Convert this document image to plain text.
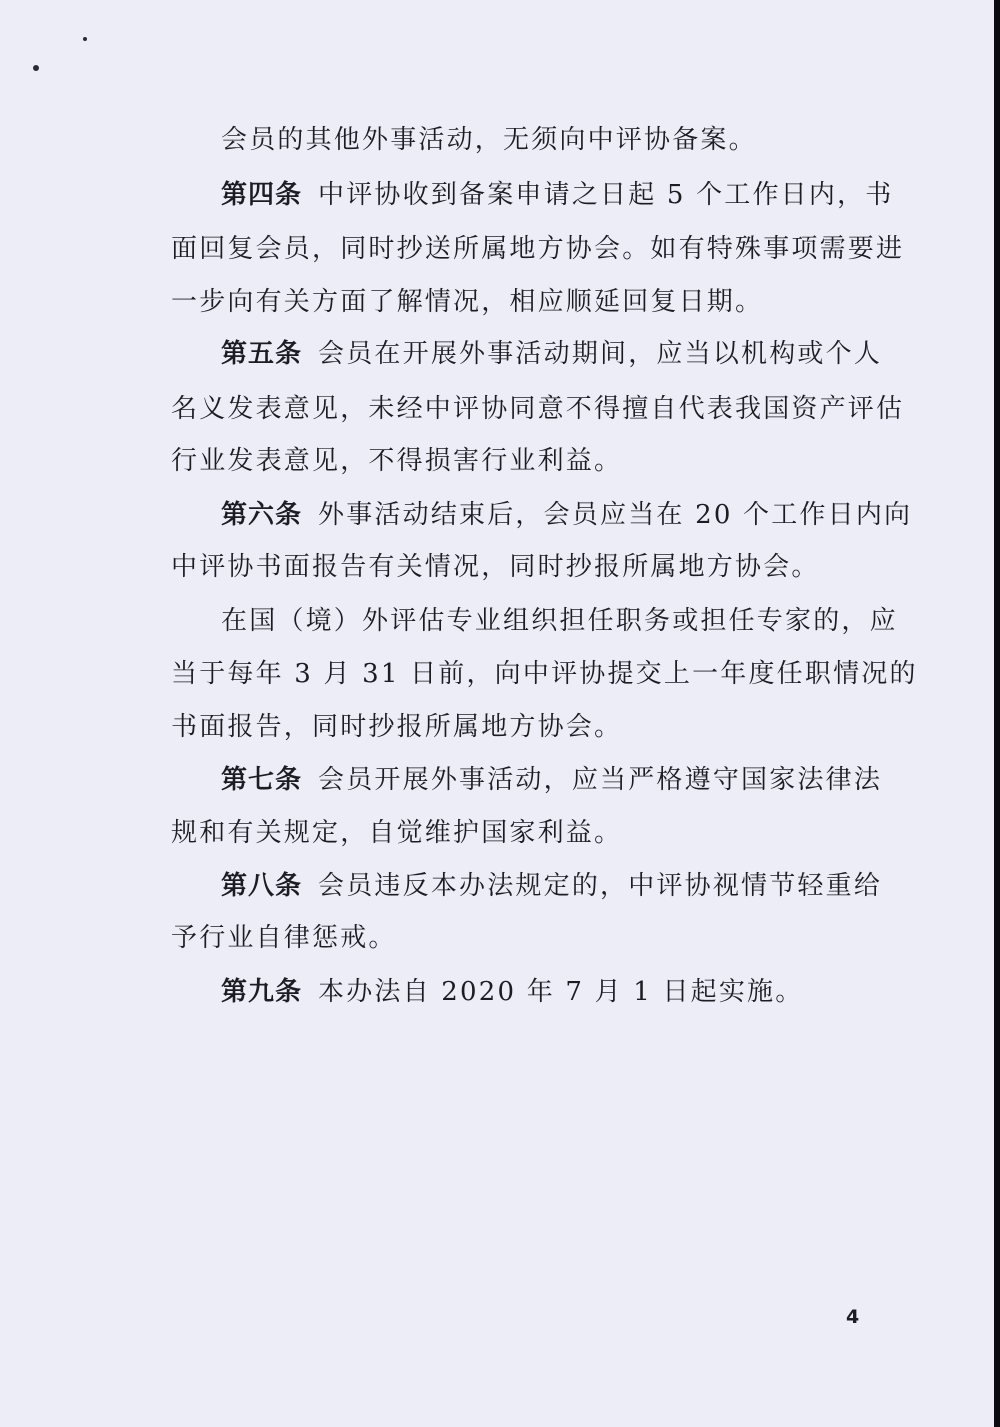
会员的其他外事活动，无须向中评协备案。
第四条 中评协收到备案申请之日起 5 个工作日内，书
面回复会员，同时抄送所属地方协会。如有特殊事项需要进
一步向有关方面了解情况，相应顺延回复日期。
第五条 会员在开展外事活动期间，应当以机构或个人
名义发表意见，未经中评协同意不得擅自代表我国资产评估
行业发表意见，不得损害行业利益。
第六条 外事活动结束后，会员应当在 20 个工作日内向
中评协书面报告有关情况，同时抄报所属地方协会。
在国（境）外评估专业组织担任职务或担任专家的，应
当于每年 3 月 31 日前，向中评协提交上一年度任职情况的
书面报告，同时抄报所属地方协会。
第七条 会员开展外事活动，应当严格遵守国家法律法
规和有关规定，自觉维护国家利益。
第八条 会员违反本办法规定的，中评协视情节轻重给
予行业自律惩戒。
第九条 本办法自 2020 年 7 月 1 日起实施。
4
